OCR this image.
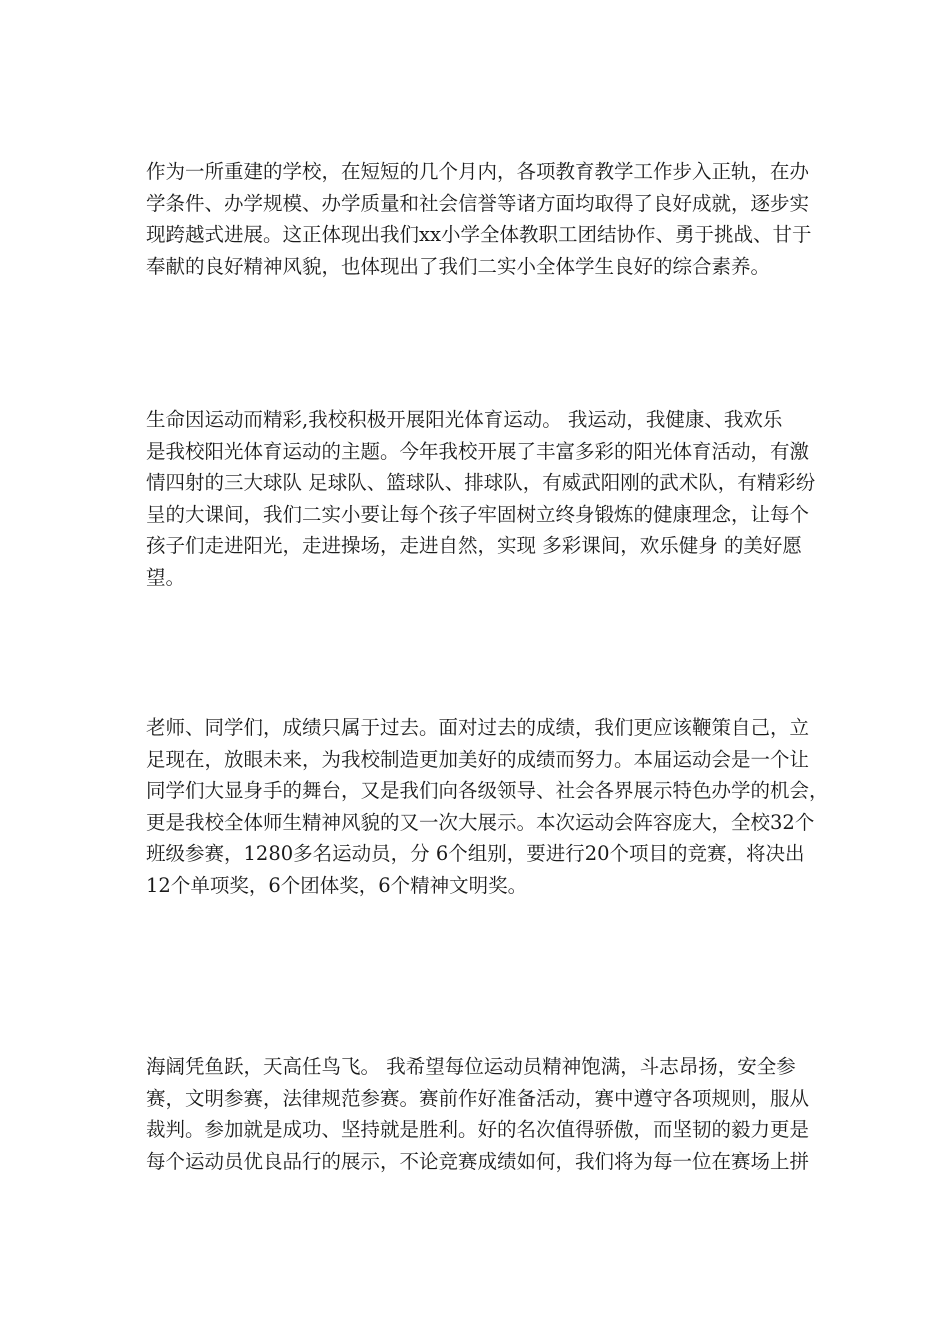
作为一所重建的学校，在短短的几个月内，各项教育教学工作步入正轨，在办
学条件、办学规模、办学质量和社会信誉等诸方面均取得了良好成就，逐步实
现跨越式进展。这正体现出我们xx小学全体教职工团结协作、勇于挑战、甘于
奉献的良好精神风貌，也体现出了我们二实小全体学生良好的综合素养。

生命因运动而精彩,我校积极开展阳光体育运动。 我运动，我健康、我欢乐
是我校阳光体育运动的主题。今年我校开展了丰富多彩的阳光体育活动，有激
情四射的三大球队 足球队、篮球队、排球队，有威武阳刚的武术队，有精彩纷
呈的大课间，我们二实小要让每个孩子牢固树立终身锻炼的健康理念，让每个
孩子们走进阳光，走进操场，走进自然，实现 多彩课间，欢乐健身 的美好愿
望。

老师、同学们，成绩只属于过去。面对过去的成绩，我们更应该鞭策自己，立
足现在，放眼未来，为我校制造更加美好的成绩而努力。本届运动会是一个让
同学们大显身手的舞台，又是我们向各级领导、社会各界展示特色办学的机会，
更是我校全体师生精神风貌的又一次大展示。本次运动会阵容庞大，全校32个
班级参赛，1280多名运动员，分 6个组别，要进行20个项目的竞赛，将决出
12个单项奖，6个团体奖，6个精神文明奖。

海阔凭鱼跃，天高任鸟飞。 我希望每位运动员精神饱满，斗志昂扬，安全参
赛，文明参赛，法律规范参赛。赛前作好准备活动，赛中遵守各项规则，服从
裁判。参加就是成功、坚持就是胜利。好的名次值得骄傲，而坚韧的毅力更是
每个运动员优良品行的展示，不论竞赛成绩如何，我们将为每一位在赛场上拼
